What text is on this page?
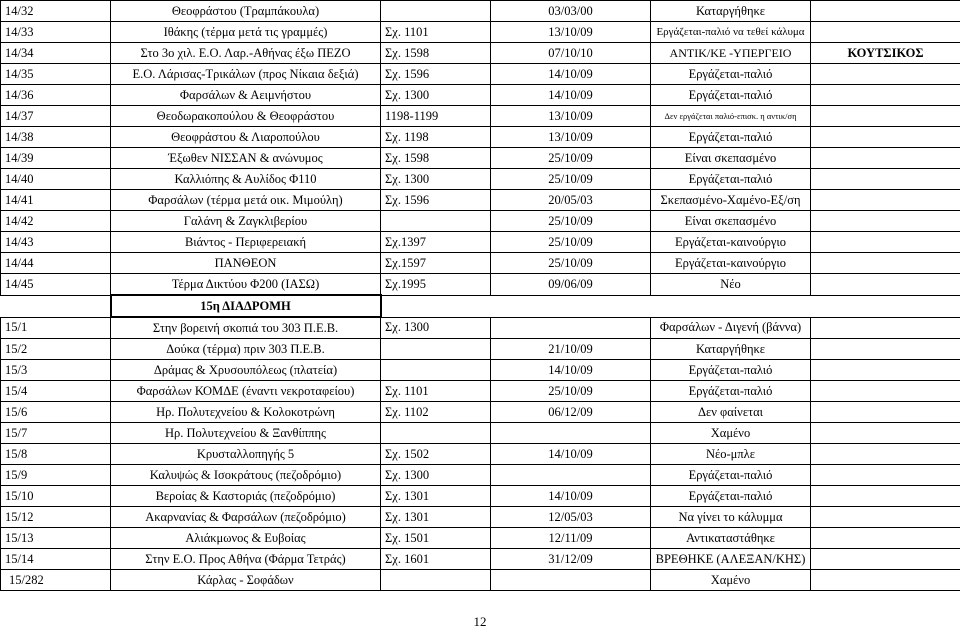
14/32	Θεοφράστου (Τραμπάκουλα)		03/03/00	Καταργήθηκε	
14/33	Ιθάκης (τέρμα μετά τις γραμμές)	Σχ. 1101	13/10/09	Εργάζεται-παλιό να τεθεί κάλυμα	
14/34	Στο 3ο χιλ. Ε.Ο. Λαρ.-Αθήνας έξω ΠΕΖΟ	Σχ. 1598	07/10/10	ΑΝΤΙΚ/ΚΕ -ΥΠΕΡΓΕΙΟ	ΚΟΥΤΣΙΚΟΣ
14/35	Ε.Ο. Λάρισας-Τρικάλων (προς Νίκαια δεξιά)	Σχ. 1596	14/10/09	Εργάζεται-παλιό	
14/36	Φαρσάλων & Αειμνήστου	Σχ. 1300	14/10/09	Εργάζεται-παλιό	
14/37	Θεοδωρακοπούλου & Θεοφράστου	1198-1199	13/10/09	Δεν εργάζεται παλιό-επισκ. η αντικ/ση	
14/38	Θεοφράστου & Λιαροπούλου	Σχ. 1198	13/10/09	Εργάζεται-παλιό	
14/39	Έξωθεν ΝΙΣΣΑΝ & ανώνυμος	Σχ. 1598	25/10/09	Είναι σκεπασμένο	
14/40	Καλλιόπης & Αυλίδος Φ110	Σχ. 1300	25/10/09	Εργάζεται-παλιό	
14/41	Φαρσάλων (τέρμα μετά οικ. Μιμούλη)	Σχ. 1596	20/05/03	Σκεπασμένο-Χαμένο-Εξ/ση	
14/42	Γαλάνη & Ζαγκλιβερίου		25/10/09	Είναι σκεπασμένο	
14/43	Βιάντος - Περιφερειακή	Σχ.1397	25/10/09	Εργάζεται-καινούργιο	
14/44	ΠΑΝΘΕΟΝ	Σχ.1597	25/10/09	Εργάζεται-καινούργιο	
14/45	Τέρμα Δικτύου Φ200 (ΙΑΣΩ)	Σχ.1995	09/06/09	Νέο	
	15η ΔΙΑΔΡΟΜΗ				
15/1	Στην βορεινή σκοπιά του 303 Π.Ε.Β.	Σχ. 1300		Φαρσάλων - Διγενή (βάννα)	
15/2	Δούκα (τέρμα) πριν 303 Π.Ε.Β.		21/10/09	Καταργήθηκε	
15/3	Δράμας & Χρυσουπόλεως (πλατεία)		14/10/09	Εργάζεται-παλιό	
15/4	Φαρσάλων ΚΟΜΔΕ (έναντι νεκροταφείου)	Σχ. 1101	25/10/09	Εργάζεται-παλιό	
15/6	Ηρ. Πολυτεχνείου & Κολοκοτρώνη	Σχ. 1102	06/12/09	Δεν φαίνεται	
15/7	Ηρ. Πολυτεχνείου & Ξανθίππης			Χαμένο	
15/8	Κρυσταλλοπηγής 5	Σχ. 1502	14/10/09	Νέο-μπλε	
15/9	Καλυψώς & Ισοκράτους (πεζοδρόμιο)	Σχ. 1300		Εργάζεται-παλιό	
15/10	Βεροίας & Καστοριάς (πεζοδρόμιο)	Σχ. 1301	14/10/09	Εργάζεται-παλιό	
15/12	Ακαρνανίας & Φαρσάλων (πεζοδρόμιο)	Σχ. 1301	12/05/03	Να γίνει το κάλυμμα	
15/13	Αλιάκμωνος & Ευβοίας	Σχ. 1501	12/11/09	Αντικαταστάθηκε	
15/14	Στην Ε.Ο. Προς Αθήνα (Φάρμα Τετράς)	Σχ. 1601	31/12/09	ΒΡΕΘΗΚΕ (ΑΛΕΞΑΝ/ΚΗΣ)	
15/282	Κάρλας - Σοφάδων			Χαμένο	
12
